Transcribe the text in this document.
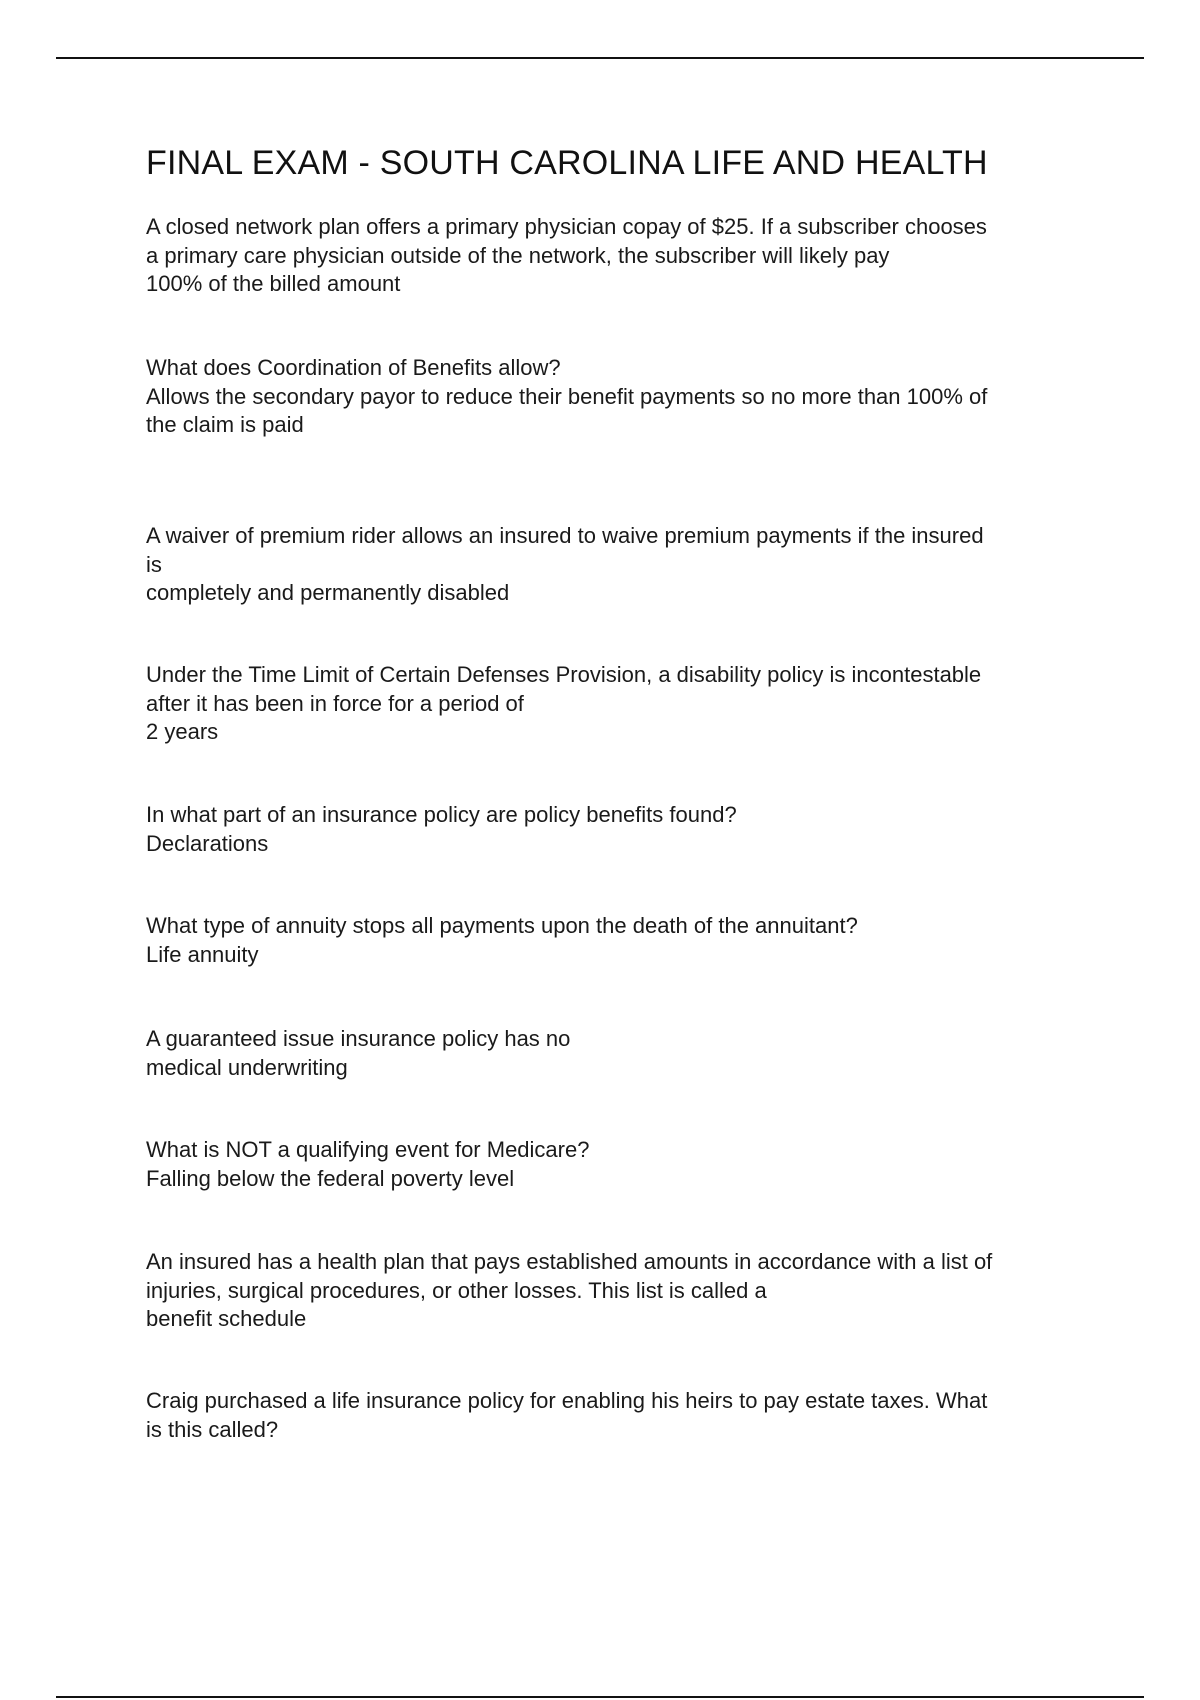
FINAL EXAM - SOUTH CAROLINA LIFE AND HEALTH
A closed network plan offers a primary physician copay of $25. If a subscriber chooses
a primary care physician outside of the network, the subscriber will likely pay
100% of the billed amount
What does Coordination of Benefits allow?
Allows the secondary payor to reduce their benefit payments so no more than 100% of
the claim is paid
A waiver of premium rider allows an insured to waive premium payments if the insured
is
completely and permanently disabled
Under the Time Limit of Certain Defenses Provision, a disability policy is incontestable
after it has been in force for a period of
2 years
In what part of an insurance policy are policy benefits found?
Declarations
What type of annuity stops all payments upon the death of the annuitant?
Life annuity
A guaranteed issue insurance policy has no
medical underwriting
What is NOT a qualifying event for Medicare?
Falling below the federal poverty level
An insured has a health plan that pays established amounts in accordance with a list of
injuries, surgical procedures, or other losses. This list is called a
benefit schedule
Craig purchased a life insurance policy for enabling his heirs to pay estate taxes. What
is this called?
